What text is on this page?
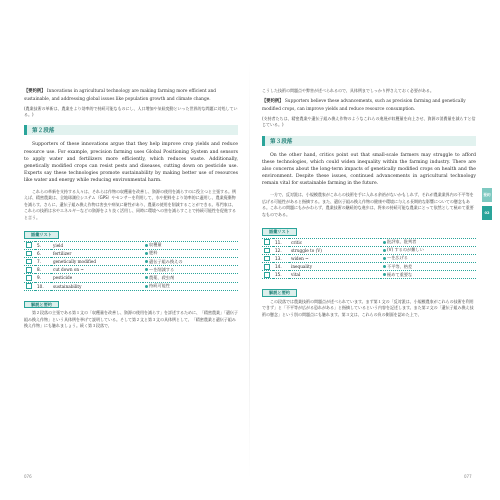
【要約例】 Innovations in agricultural technology are making farming more efficient and sustainable, and addressing global issues like population growth and climate change.

(農業技術の革新は、農業をより効率的で持続可能なものにし、人口増加や気候変動といった世界的な問題に対処している。)

第２段落

Supporters of these innovations argue that they help improve crop yields and reduce resource use. For example, precision farming uses Global Positioning System and sensors to apply water and fertilizers more efficiently, which reduces waste. Additionally, genetically modified crops can resist pests and diseases, cutting down on pesticide use. Experts say these technologies promote sustainability by making better use of resources like water and energy while reducing environmental harm.

これらの革新を支持する人々は、それらは作物の収穫量を改善し、資源の使用を減らすのに役立つと主張する。例えば、精密農業は、全地球測位システム（GPS）やセンサーを利用して、水や肥料をより効率的に適用し、農業廃棄物を減らす。さらに、遺伝子組み換え作物は害虫や病気に耐性があり、農薬の使用を削減することができる。専門家は、これらの技術は水やエネルギーなどの資源をより良く活用し、同時に環境への害を減らすことで持続可能性を促進すると言う。

語彙リスト
	5.	yield	収穫量
	6.	fertilizer	肥料
	7.	genetically modified	遺伝子組み換えの
	8.	cut down on ~	～を削減する
	9.	pesticide	農薬、殺虫剤
	10.	sustainability	持続可能性
解説と要約

第２段落の主張である第１文の「収穫量を改善し、資源の使用を減らす」を詳述するために、「精密農業」「遺伝子組み換え作物」という具体例を挙げて説明している。そして第２文と第３文の具体例として、「精密農業と遺伝子組み換え作物」にも触れましょう。続く第３段落で、

こうした技術の問題点や弊害が述べられるので、具体例までしっかり押さえておく必要がある。

【要約例】 Supporters believe these advancements, such as precision farming and genetically modified crops, can improve yields and reduce resource consumption.

(支持者たちは、精密農業や遺伝子組み換え作物のようなこれらの進展が収穫量を向上させ、資源の消費量を減らすと信じている。)

第３段落

On the other hand, critics point out that small-scale farmers may struggle to afford these technologies, which could widen inequality within the farming industry. There are also concerns about the long-term impacts of genetically modified crops on health and the environment. Despite these issues, continued advancements in agricultural technology remain vital for sustainable farming in the future.

一方で、反対派は、小規模農家がこれらの技術を手に入れる余裕がないかもしれず、それが農業業界内の不平等を広げる可能性があると指摘する。また、遺伝子組み換え作物の健康や環境に与える長期的な影響についての懸念もある。これらの問題にもかかわらず、農業技術の継続的な進歩は、将来の持続可能な農業にとって依然として極めて重要なものである。

語彙リスト
	11.	critic	批評家、批判者
	12.	struggle to (V)	(V) するのが難しい
	13.	widen ~	～を広げる
	14.	inequality	不平等、格差
	15.	vital	極めて重要な
解説と要約

この段落では農業技術の問題点が述べられています。まず第１文の「反対派は、小規模農家がこれらの技術を利用できず」と「不平等が広がる恐れがある」と指摘しているという内容を記述します。また第２文の「遺伝子組み換え技術の懸念」という別の問題点にも触れます。第３文は、これらの負の側面を認めた上で、

076	077
要約
02
